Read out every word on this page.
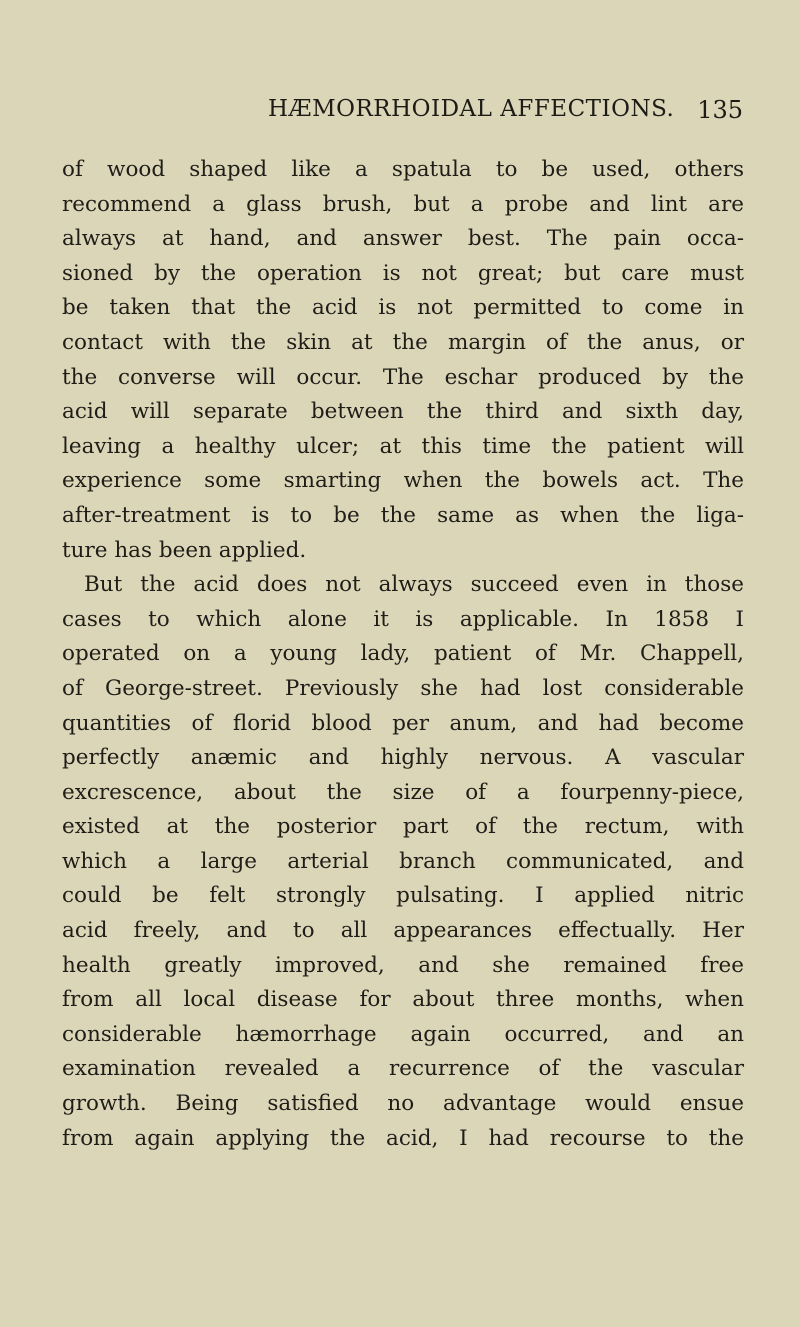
HÆMORRHOIDAL AFFECTIONS. 135
of wood shaped like a spatula to be used, others
recommend a glass brush, but a probe and lint are
always at hand, and answer best. The pain occa-
sioned by the operation is not great; but care must
be taken that the acid is not permitted to come in
contact with the skin at the margin of the anus, or
the converse will occur. The eschar produced by the
acid will separate between the third and sixth day,
leaving a healthy ulcer; at this time the patient will
experience some smarting when the bowels act. The
after-treatment is to be the same as when the liga-
ture has been applied.
But the acid does not always succeed even in those
cases to which alone it is applicable. In 1858 I
operated on a young lady, patient of Mr. Chappell,
of George-street. Previously she had lost considerable
quantities of florid blood per anum, and had become
perfectly anæmic and highly nervous. A vascular
excrescence, about the size of a fourpenny-piece,
existed at the posterior part of the rectum, with
which a large arterial branch communicated, and
could be felt strongly pulsating. I applied nitric
acid freely, and to all appearances effectually. Her
health greatly improved, and she remained free
from all local disease for about three months, when
considerable hæmorrhage again occurred, and an
examination revealed a recurrence of the vascular
growth. Being satisfied no advantage would ensue
from again applying the acid, I had recourse to the
